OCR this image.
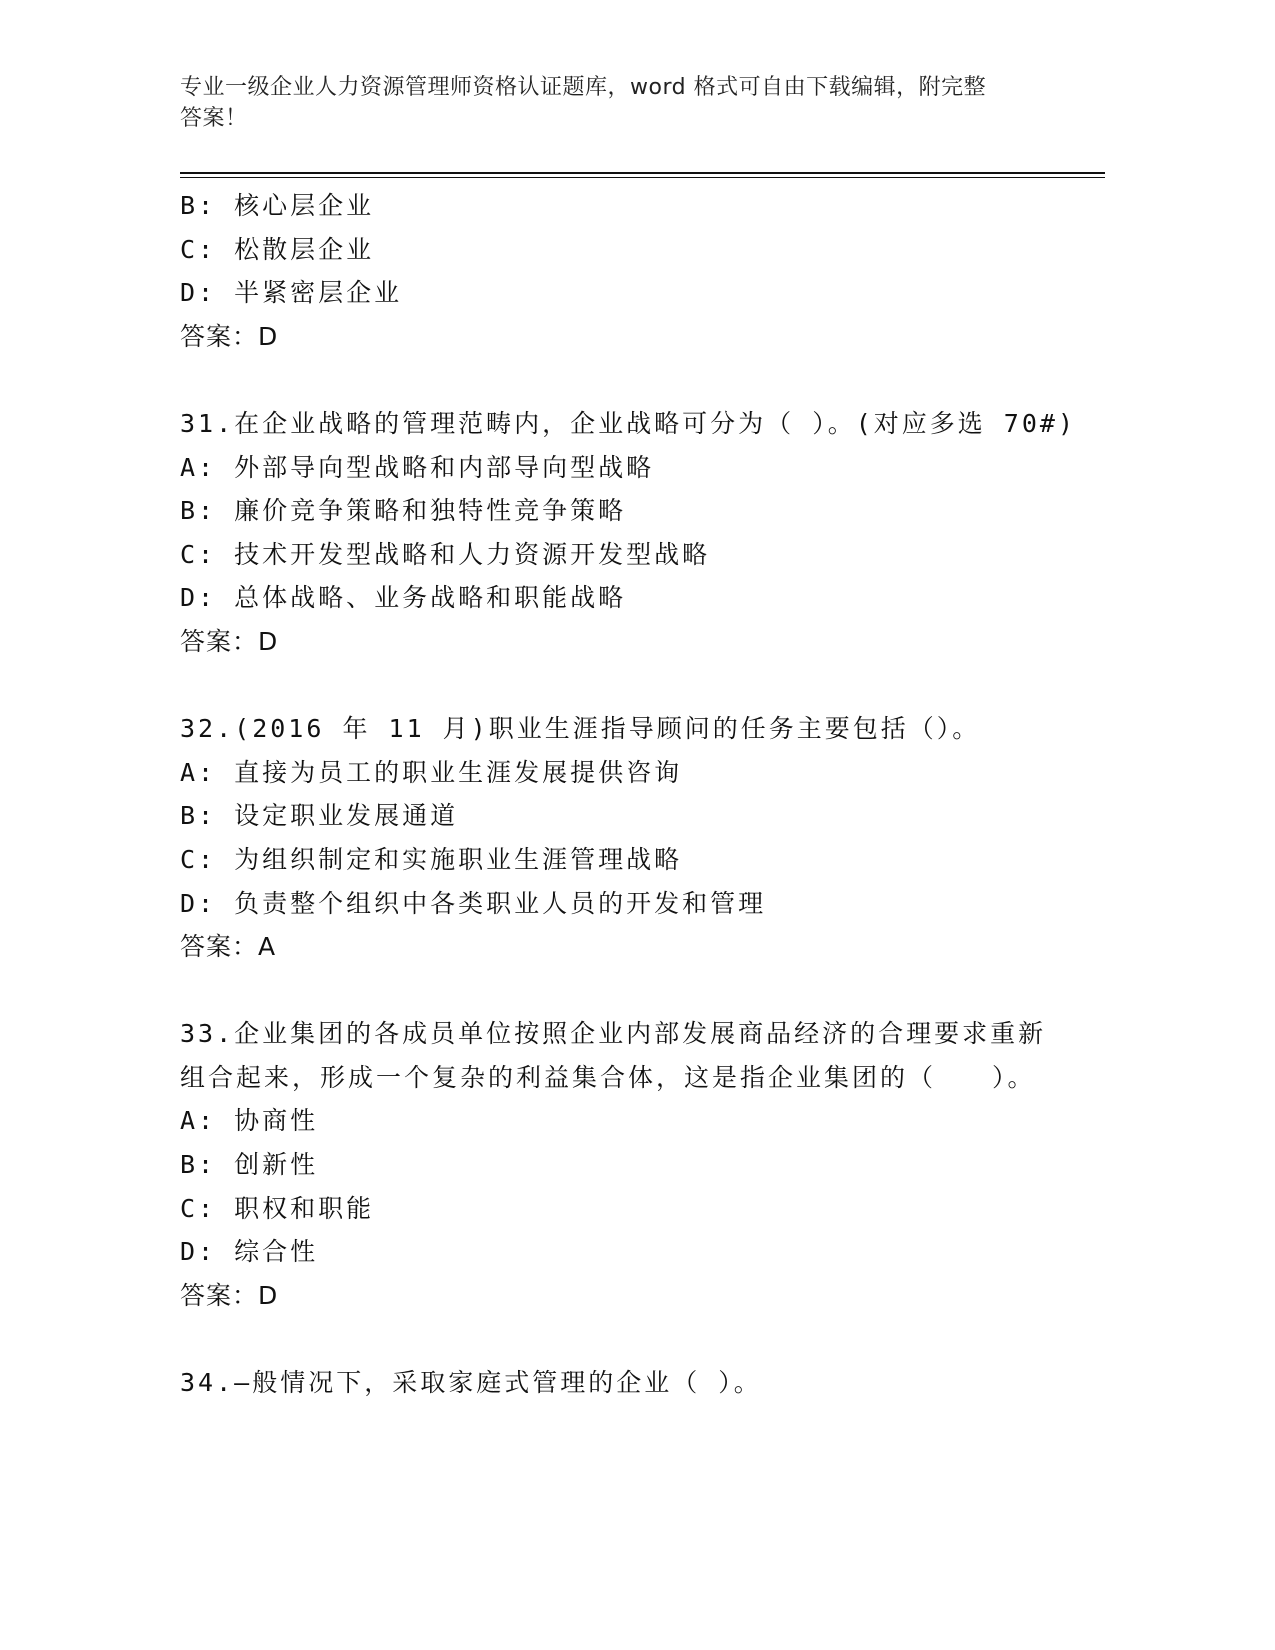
专业一级企业人力资源管理师资格认证题库，word 格式可自由下载编辑，附完整
答案！
B: 核心层企业
C: 松散层企业
D: 半紧密层企业
答案：D
31.在企业战略的管理范畴内，企业战略可分为（ ）。(对应多选 70#)
A: 外部导向型战略和内部导向型战略
B: 廉价竞争策略和独特性竞争策略
C: 技术开发型战略和人力资源开发型战略
D: 总体战略、业务战略和职能战略
答案：D
32.(2016 年 11 月)职业生涯指导顾问的任务主要包括（）。
A: 直接为员工的职业生涯发展提供咨询
B: 设定职业发展通道
C: 为组织制定和实施职业生涯管理战略
D: 负责整个组织中各类职业人员的开发和管理
答案：A
33.企业集团的各成员单位按照企业内部发展商品经济的合理要求重新
组合起来，形成一个复杂的利益集合体，这是指企业集团的（　　）。
A: 协商性
B: 创新性
C: 职权和职能
D: 综合性
答案：D
34.—般情况下，采取家庭式管理的企业（ ）。
